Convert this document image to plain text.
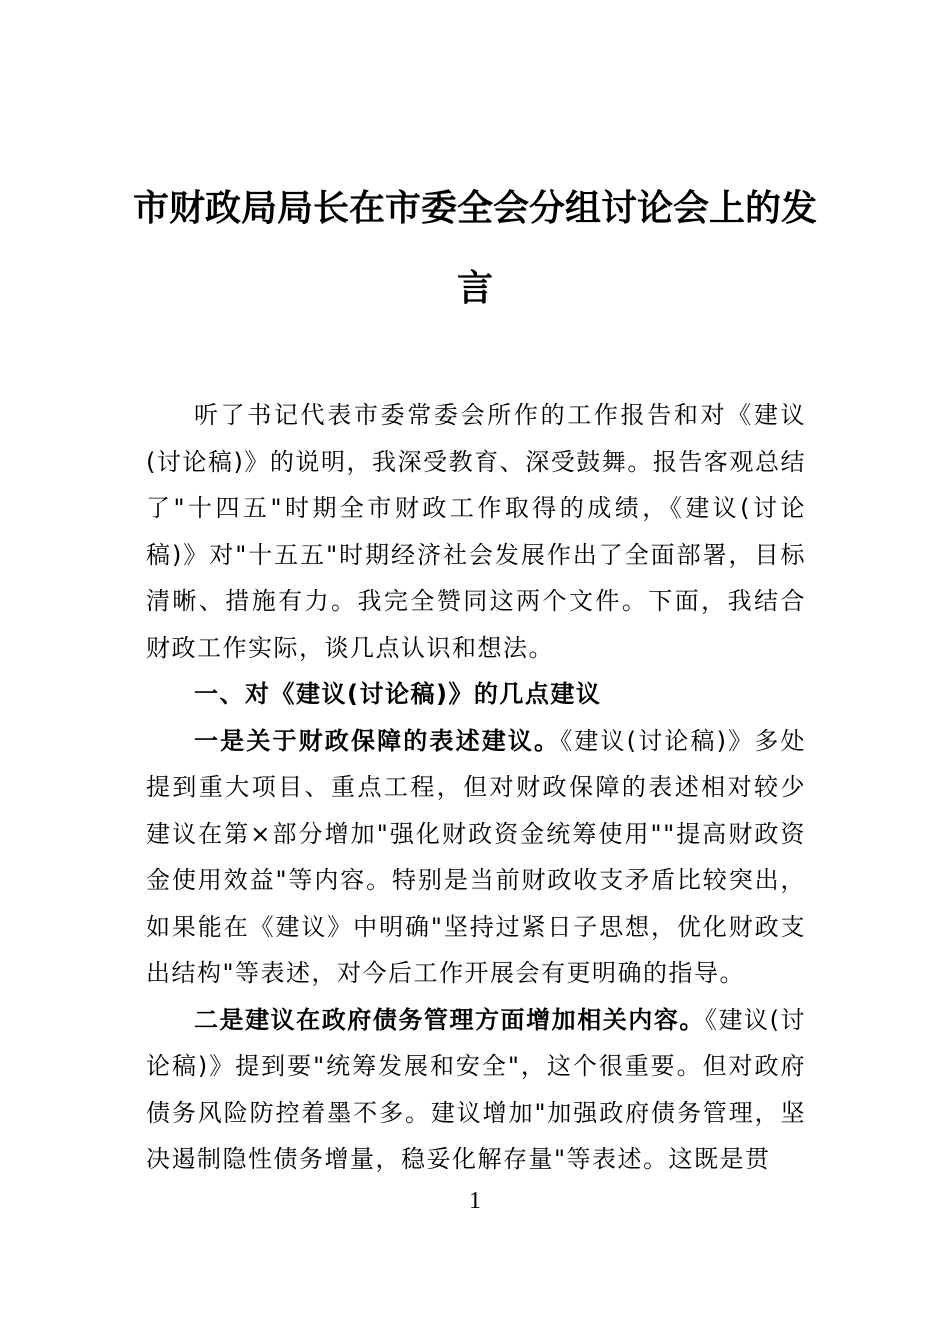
市财政局局长在市委全会分组讨论会上的发言

听了书记代表市委常委会所作的工作报告和对《建议(讨论稿)》的说明，我深受教育、深受鼓舞。报告客观总结了"十四五"时期全市财政工作取得的成绩，《建议(讨论稿)》对"十五五"时期经济社会发展作出了全面部署，目标清晰、措施有力。我完全赞同这两个文件。下面，我结合财政工作实际，谈几点认识和想法。

一、对《建议(讨论稿)》的几点建议

一是关于财政保障的表述建议。《建议(讨论稿)》多处提到重大项目、重点工程，但对财政保障的表述相对较少建议在第×部分增加"强化财政资金统筹使用""提高财政资金使用效益"等内容。特别是当前财政收支矛盾比较突出，如果能在《建议》中明确"坚持过紧日子思想，优化财政支出结构"等表述，对今后工作开展会有更明确的指导。

二是建议在政府债务管理方面增加相关内容。《建议(讨论稿)》提到要"统筹发展和安全"，这个很重要。但对政府债务风险防控着墨不多。建议增加"加强政府债务管理，坚决遏制隐性债务增量，稳妥化解存量"等表述。这既是贯

1
